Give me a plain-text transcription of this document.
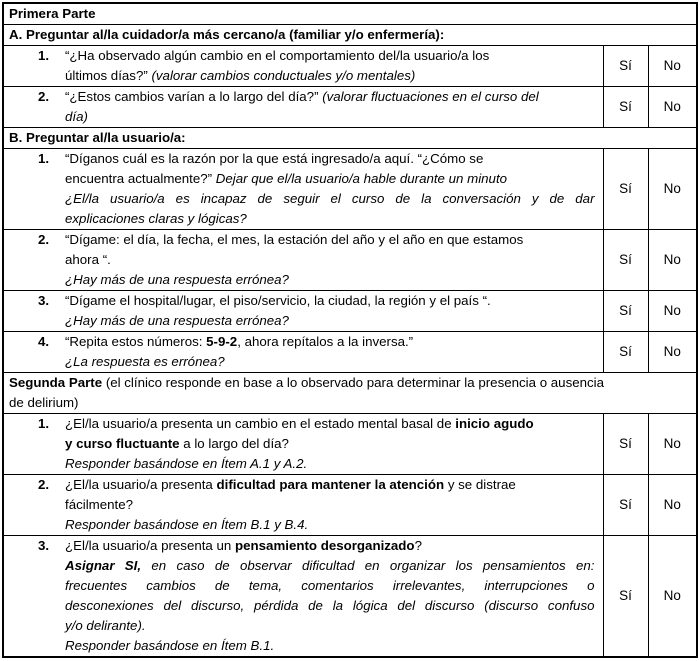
Primera Parte		

A. Preguntar al/la cuidador/a más cercano/a (familiar y/o enfermería):		

1. “¿Ha observado algún cambio en el comportamiento del/la usuario/a los
últimos días?” (valorar cambios conductuales y/o mentales)	Sí	No

2. “¿Estos cambios varían a lo largo del día?” (valorar fluctuaciones en el curso del
día)	Sí	No

B. Preguntar al/la usuario/a:		

1. “Díganos cuál es la razón por la que está ingresado/a aquí. “¿Cómo se
encuentra actualmente?” Dejar que el/la usuario/a hable durante un minuto
¿El/la usuario/a es incapaz de seguir el curso de la conversación y de dar
explicaciones claras y lógicas?	Sí	No

2. “Dígame: el día, la fecha, el mes, la estación del año y el año en que estamos
ahora “.
¿Hay más de una respuesta errónea?	Sí	No

3. “Dígame el hospital/lugar, el piso/servicio, la ciudad, la región y el país “.
¿Hay más de una respuesta errónea?	Sí	No

4. “Repita estos números: 5-9-2, ahora repítalos a la inversa.”
¿La respuesta es errónea?	Sí	No

Segunda Parte (el clínico responde en base a lo observado para determinar la presencia o ausencia
de delirium)		

1. ¿El/la usuario/a presenta un cambio en el estado mental basal de inicio agudo
y curso fluctuante a lo largo del día?
Responder basándose en Ítem A.1 y A.2.	Sí	No

2. ¿El/la usuario/a presenta dificultad para mantener la atención y se distrae
fácilmente?
Responder basándose en Ítem B.1 y B.4.	Sí	No

3.	¿El/la usuario/a presenta un pensamiento desorganizado?
Asignar SI, en caso de observar dificultad en organizar los pensamientos en:
frecuentes cambios de tema, comentarios irrelevantes, interrupciones o
desconexiones del discurso, pérdida de la lógica del discurso (discurso confuso
y/o delirante).
Responder basándose en Ítem B.1.
	Sí	No
